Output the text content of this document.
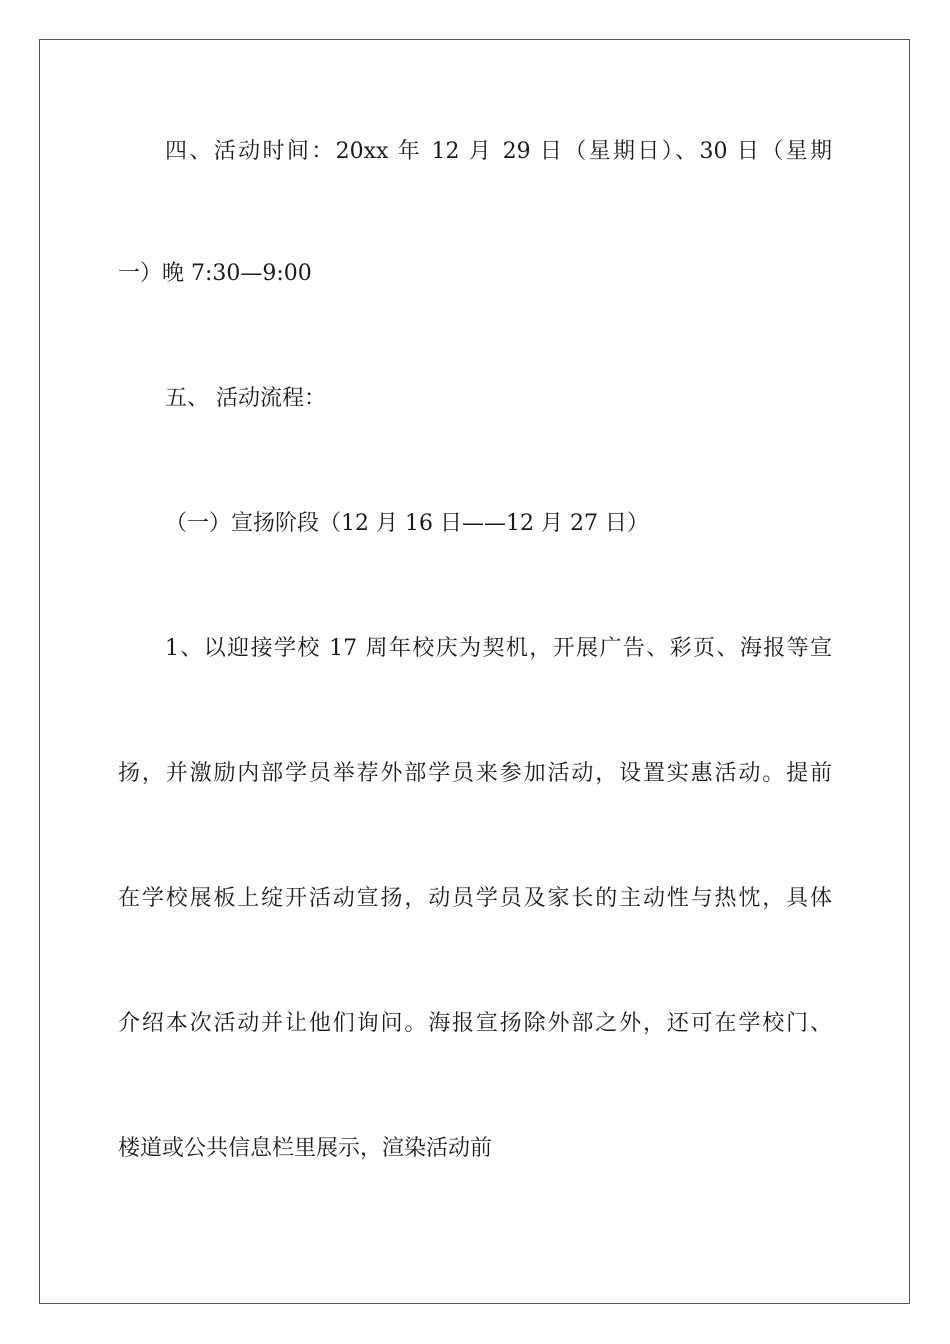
四、活动时间：20xx 年 12 月 29 日（星期日）、30 日（星期
一）晚 7:30—9:00
五、 活动流程：
（一）宣扬阶段（12 月 16 日——12 月 27 日）
1、以迎接学校 17 周年校庆为契机，开展广告、彩页、海报等宣
扬，并激励内部学员举荐外部学员来参加活动，设置实惠活动。提前
在学校展板上绽开活动宣扬，动员学员及家长的主动性与热忱，具体
介绍本次活动并让他们询问。海报宣扬除外部之外，还可在学校门、
楼道或公共信息栏里展示，渲染活动前
